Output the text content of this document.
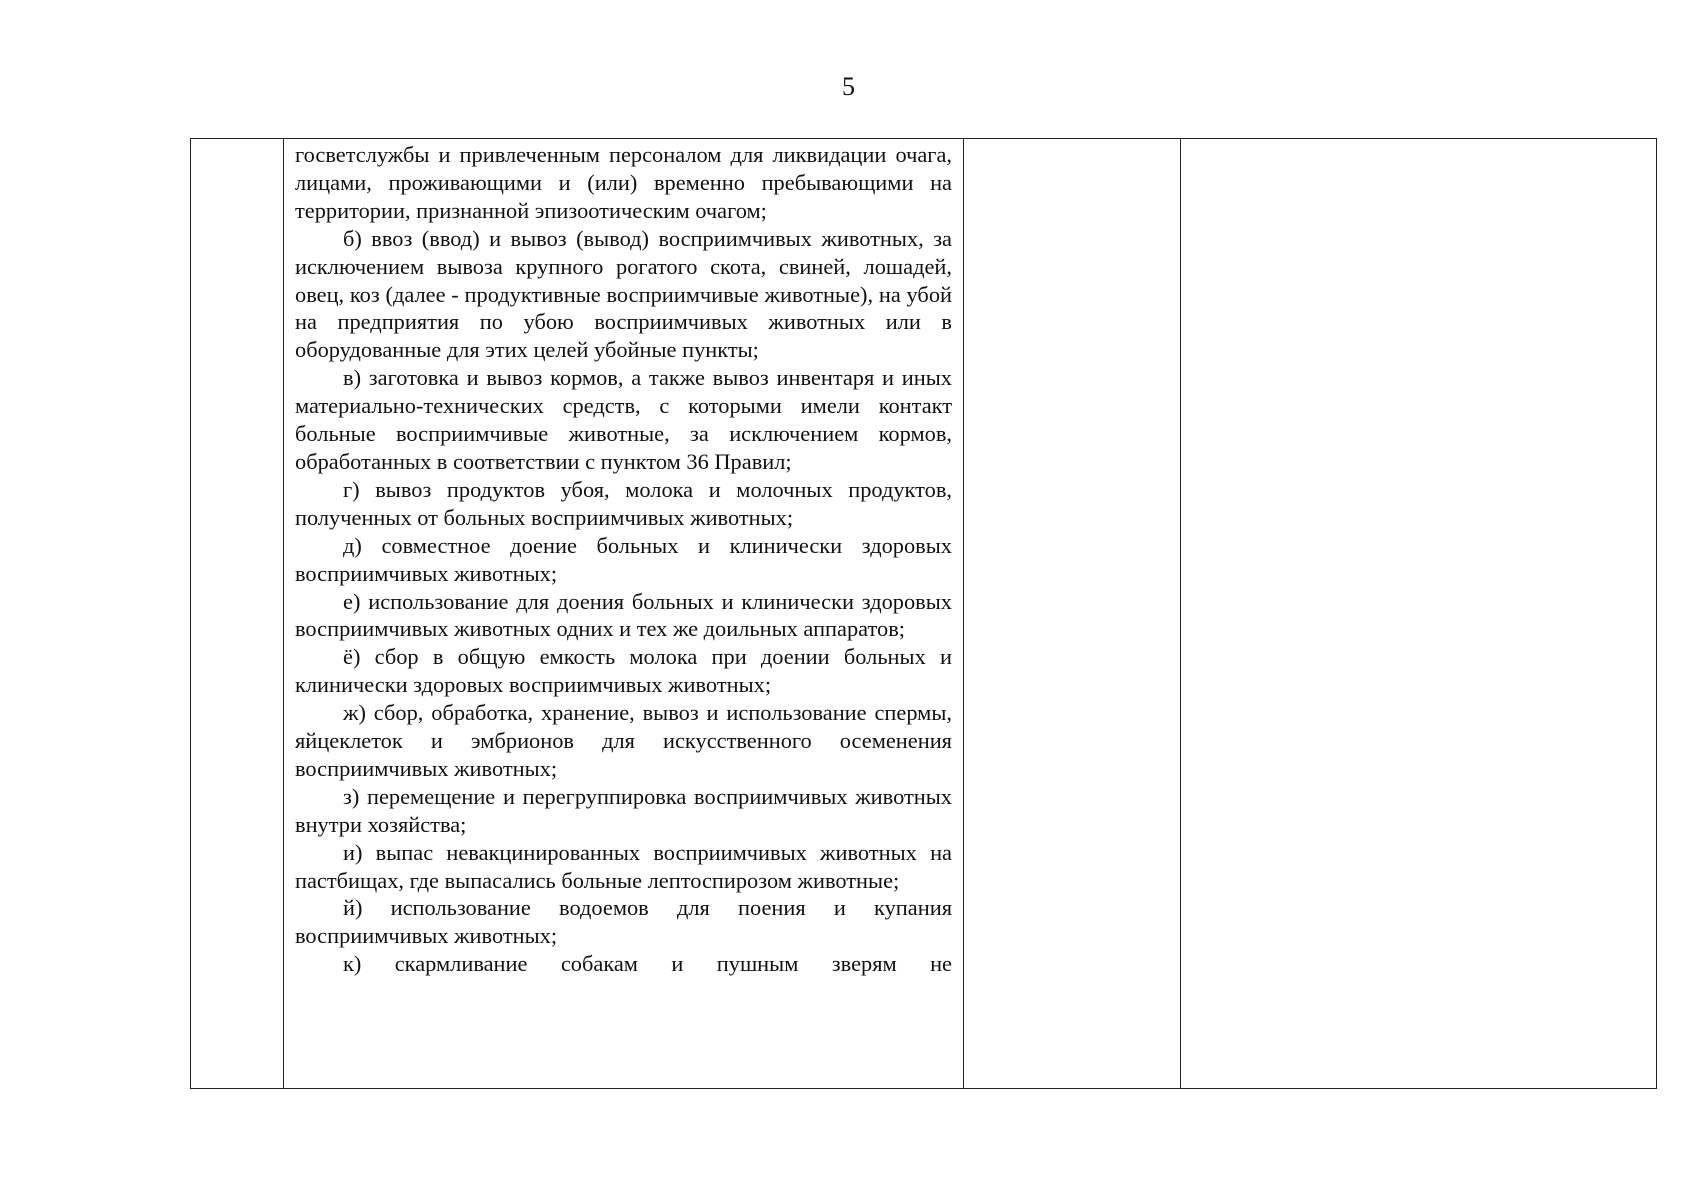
5

госветслужбы и привлеченным персоналом для ликвидации очага, лицами, проживающими и (или) временно пребывающими на территории, признанной эпизоотическим очагом;

б) ввоз (ввод) и вывоз (вывод) восприимчивых животных, за исключением вывоза крупного рогатого скота, свиней, лошадей, овец, коз (далее - продуктивные восприимчивые животные), на убой на предприятия по убою восприимчивых животных или в оборудованные для этих целей убойные пункты;

в) заготовка и вывоз кормов, а также вывоз инвентаря и иных материально-технических средств, с которыми имели контакт больные восприимчивые животные, за исключением кормов, обработанных в соответствии с пунктом 36 Правил;

г) вывоз продуктов убоя, молока и молочных продуктов, полученных от больных восприимчивых животных;

д) совместное доение больных и клинически здоровых восприимчивых животных;

е) использование для доения больных и клинически здоровых восприимчивых животных одних и тех же доильных аппаратов;

ё) сбор в общую емкость молока при доении больных и клинически здоровых восприимчивых животных;

ж) сбор, обработка, хранение, вывоз и использование спермы, яйцеклеток и эмбрионов для искусственного осеменения восприимчивых животных;

з) перемещение и перегруппировка восприимчивых животных внутри хозяйства;

и) выпас невакцинированных восприимчивых животных на пастбищах, где выпасались больные лептоспирозом животные;

й) использование водоемов для поения и купания восприимчивых животных;

к) скармливание собакам и пушным зверям не
